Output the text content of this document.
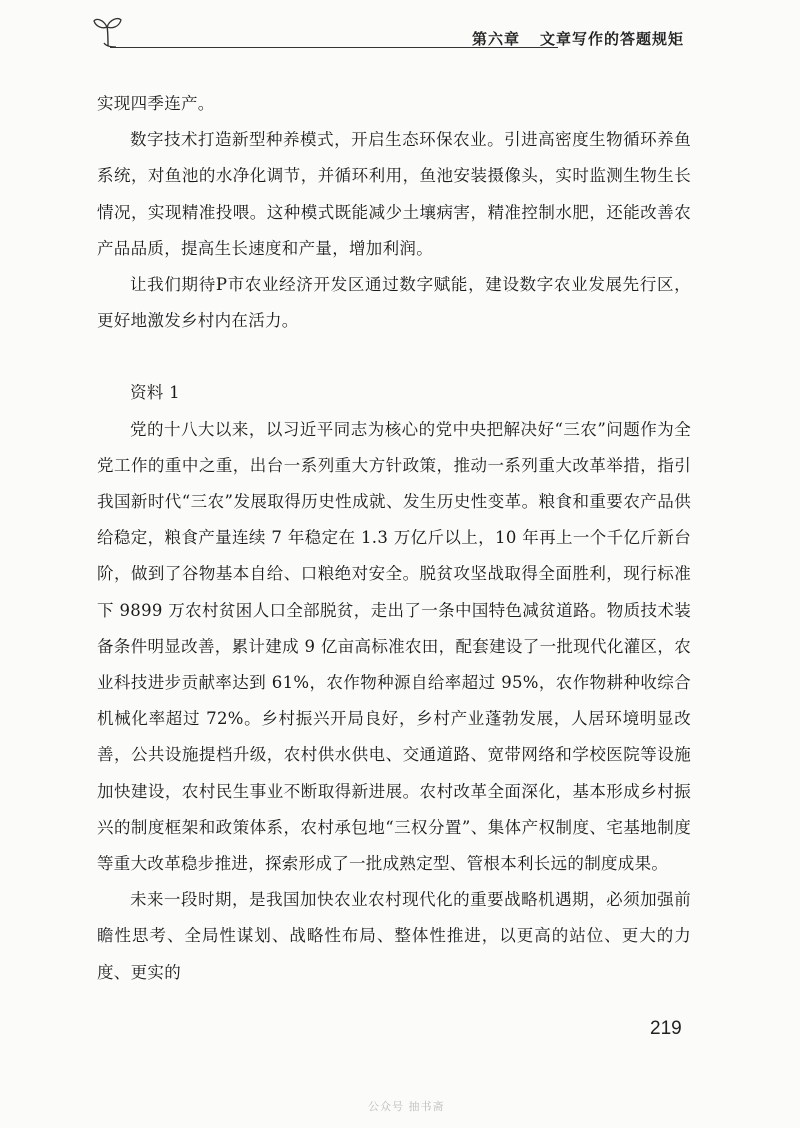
第六章 文章写作的答题规矩

实现四季连产。

数字技术打造新型种养模式，开启生态环保农业。引进高密度生物循环养鱼系统，对鱼池的水净化调节，并循环利用，鱼池安装摄像头，实时监测生物生长情况，实现精准投喂。这种模式既能减少土壤病害，精准控制水肥，还能改善农产品品质，提高生长速度和产量，增加利润。

让我们期待P市农业经济开发区通过数字赋能，建设数字农业发展先行区，更好地激发乡村内在活力。

资料 1

党的十八大以来，以习近平同志为核心的党中央把解决好“三农”问题作为全党工作的重中之重，出台一系列重大方针政策，推动一系列重大改革举措，指引我国新时代“三农”发展取得历史性成就、发生历史性变革。粮食和重要农产品供给稳定，粮食产量连续 7 年稳定在 1.3 万亿斤以上，10 年再上一个千亿斤新台阶，做到了谷物基本自给、口粮绝对安全。脱贫攻坚战取得全面胜利，现行标准下 9899 万农村贫困人口全部脱贫，走出了一条中国特色减贫道路。物质技术装备条件明显改善，累计建成 9 亿亩高标准农田，配套建设了一批现代化灌区，农业科技进步贡献率达到 61%，农作物种源自给率超过 95%，农作物耕种收综合机械化率超过 72%。乡村振兴开局良好，乡村产业蓬勃发展，人居环境明显改善，公共设施提档升级，农村供水供电、交通道路、宽带网络和学校医院等设施加快建设，农村民生事业不断取得新进展。农村改革全面深化，基本形成乡村振兴的制度框架和政策体系，农村承包地“三权分置”、集体产权制度、宅基地制度等重大改革稳步推进，探索形成了一批成熟定型、管根本利长远的制度成果。

未来一段时期，是我国加快农业农村现代化的重要战略机遇期，必须加强前瞻性思考、全局性谋划、战略性布局、整体性推进，以更高的站位、更大的力度、更实的

219
公众号 抽书斋
